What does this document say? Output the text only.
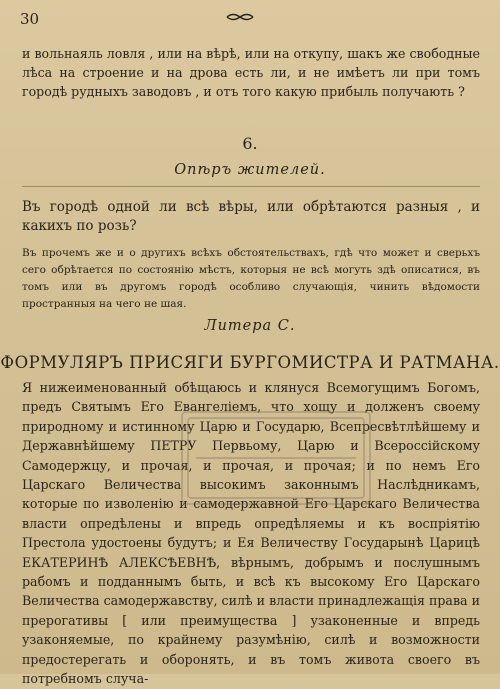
30
и вольнаяль ловля , или на вѣрѣ, или на откупу, шакъ же свободные лѣса на строение и на дрова есть ли, и не имѣетъ ли при томъ городѣ рудныхъ заводовъ , и отъ того какую прибыль получають ?
6.
Опѣръ жителей.
Въ городѣ одной ли всѣ вѣры, или обрѣтаются разныя , и какихъ по розь?
Въ прочемъ же и о другихъ всѣхъ обстоятельствахъ, гдѣ что может и сверьхъ сего обрѣтается по состоянію мѣстъ, которыя не всѣ могуть здѣ описатися, въ томъ или въ другомъ городѣ особливо случающія, чинить вѣдомости пространныя на чего не шая.
Литера С.
ФОРМУЛЯРЪ ПРИСЯГИ БУРГОМИСТРА И РАТМАНА.
Я нижеименованный обѣщаюсь и клянуся Всемогущимъ Богомъ, предъ Святымъ Его Евангеліемъ, что хощу и долженъ своему природному и истинному Царю и Государю, Всепресвѣтлѣйшему и Державнѣйшему ПЕТРУ Первьому, Царю и Всероссійскому Самодержцу, и прочая, и прочая, и прочая; и по немъ Его Царскаго Величества высокимъ законнымъ Наслѣдникамъ, которые по изволенію и самодержавной Его Царскаго Величества власти опредѣлены и впредь опредѣляемы и къ воспріятію Престола удостоены будутъ; и Ея Величеству Государынѣ Царицѣ ЕКАТЕРИНѢ АЛЕКСѢЕВНѢ, вѣрнымъ, добрымъ и послушнымъ рабомъ и подданнымъ быть, и всѣ къ высокому Его Царскаго Величества самодержавству, силѣ и власти принадлежащія права и прерогативы [ или преимущества ] узаконенные и впредь узаконяемые, по крайнему разумѣнію, силѣ и возможности предостерегать и оборонять, и въ томъ живота своего въ потребномъ случа-
